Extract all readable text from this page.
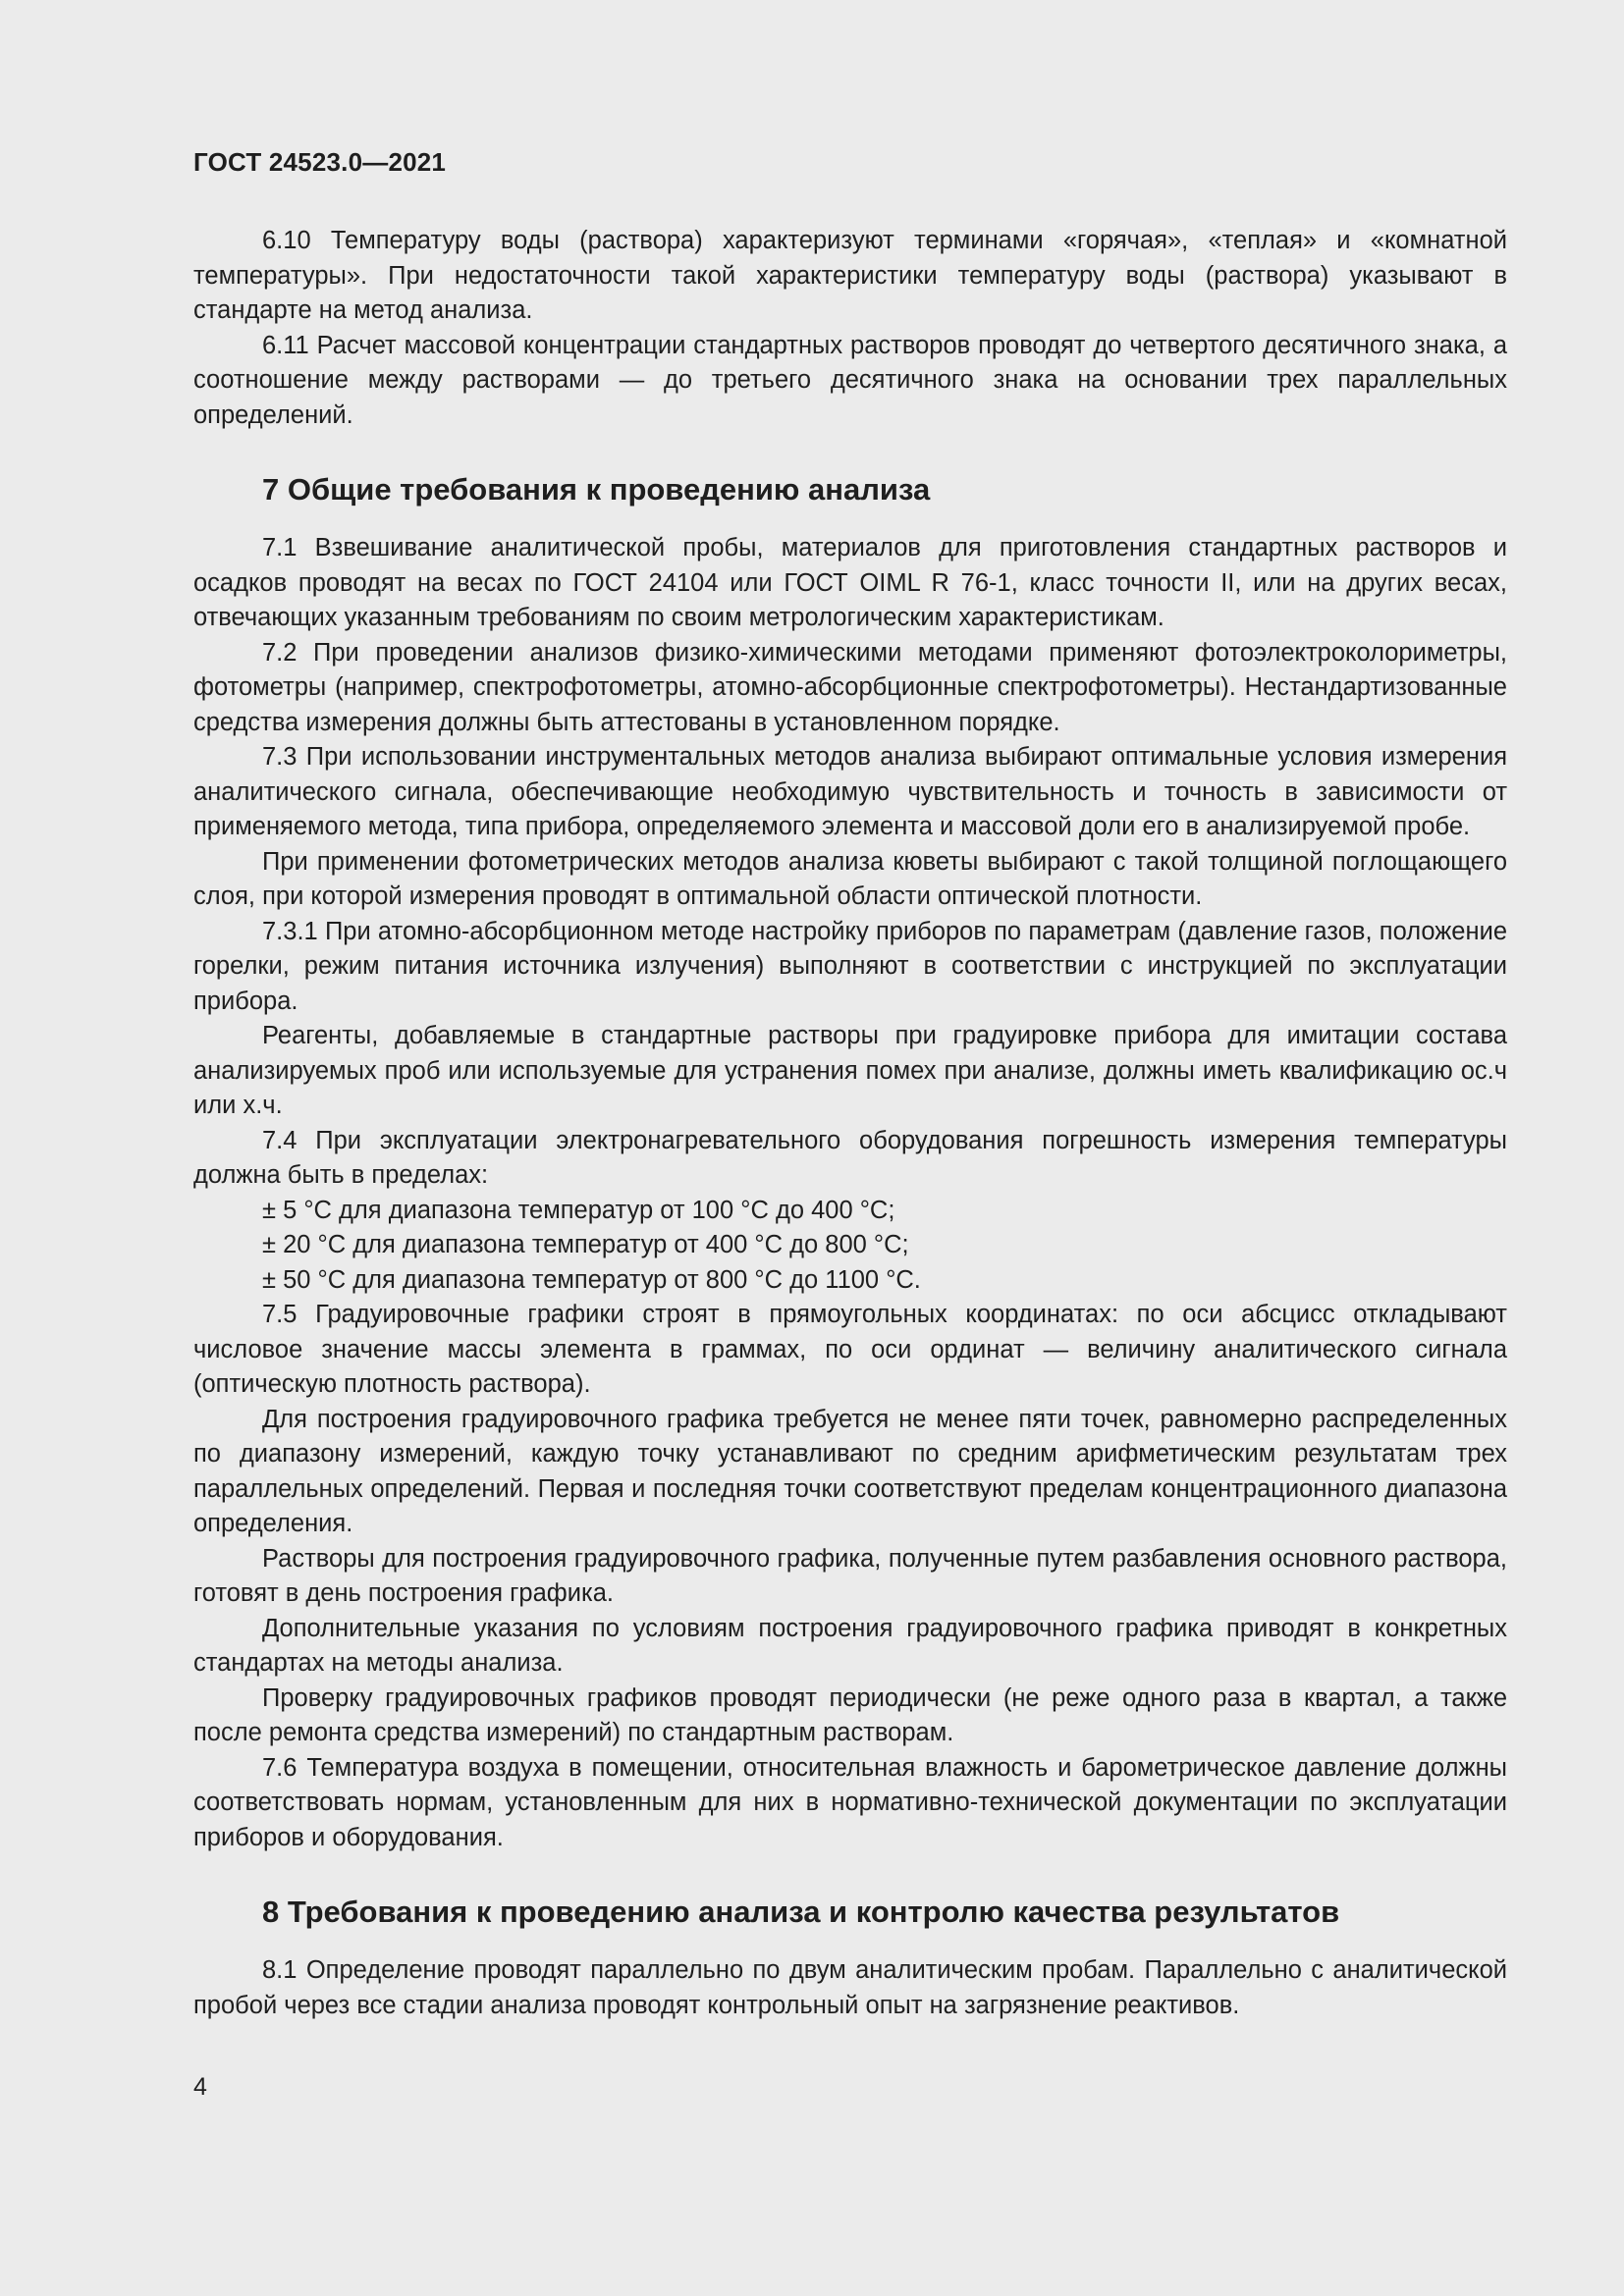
ГОСТ 24523.0—2021

6.10 Температуру воды (раствора) характеризуют терминами «горячая», «теплая» и «комнатной температуры». При недостаточности такой характеристики температуру воды (раствора) указывают в стандарте на метод анализа.

6.11 Расчет массовой концентрации стандартных растворов проводят до четвертого десятичного знака, а соотношение между растворами — до третьего десятичного знака на основании трех параллельных определений.

7 Общие требования к проведению анализа

7.1 Взвешивание аналитической пробы, материалов для приготовления стандартных растворов и осадков проводят на весах по ГОСТ 24104 или ГОСТ OIML R 76-1, класс точности II, или на других весах, отвечающих указанным требованиям по своим метрологическим характеристикам.

7.2 При проведении анализов физико-химическими методами применяют фотоэлектроколориметры, фотометры (например, спектрофотометры, атомно-абсорбционные спектрофотометры). Нестандартизованные средства измерения должны быть аттестованы в установленном порядке.

7.3 При использовании инструментальных методов анализа выбирают оптимальные условия измерения аналитического сигнала, обеспечивающие необходимую чувствительность и точность в зависимости от применяемого метода, типа прибора, определяемого элемента и массовой доли его в анализируемой пробе.

При применении фотометрических методов анализа кюветы выбирают с такой толщиной поглощающего слоя, при которой измерения проводят в оптимальной области оптической плотности.

7.3.1 При атомно-абсорбционном методе настройку приборов по параметрам (давление газов, положение горелки, режим питания источника излучения) выполняют в соответствии с инструкцией по эксплуатации прибора.

Реагенты, добавляемые в стандартные растворы при градуировке прибора для имитации состава анализируемых проб или используемые для устранения помех при анализе, должны иметь квалификацию ос.ч или х.ч.

7.4 При эксплуатации электронагревательного оборудования погрешность измерения температуры должна быть в пределах:

± 5 °C для диапазона температур от 100 °C до 400 °C;

± 20 °C для диапазона температур от 400 °C до 800 °C;

± 50 °C для диапазона температур от 800 °C до 1100 °C.

7.5 Градуировочные графики строят в прямоугольных координатах: по оси абсцисс откладывают числовое значение массы элемента в граммах, по оси ординат — величину аналитического сигнала (оптическую плотность раствора).

Для построения градуировочного графика требуется не менее пяти точек, равномерно распределенных по диапазону измерений, каждую точку устанавливают по средним арифметическим результатам трех параллельных определений. Первая и последняя точки соответствуют пределам концентрационного диапазона определения.

Растворы для построения градуировочного графика, полученные путем разбавления основного раствора, готовят в день построения графика.

Дополнительные указания по условиям построения градуировочного графика приводят в конкретных стандартах на методы анализа.

Проверку градуировочных графиков проводят периодически (не реже одного раза в квартал, а также после ремонта средства измерений) по стандартным растворам.

7.6 Температура воздуха в помещении, относительная влажность и барометрическое давление должны соответствовать нормам, установленным для них в нормативно-технической документации по эксплуатации приборов и оборудования.

8 Требования к проведению анализа и контролю качества результатов

8.1 Определение проводят параллельно по двум аналитическим пробам. Параллельно с аналитической пробой через все стадии анализа проводят контрольный опыт на загрязнение реактивов.

4
